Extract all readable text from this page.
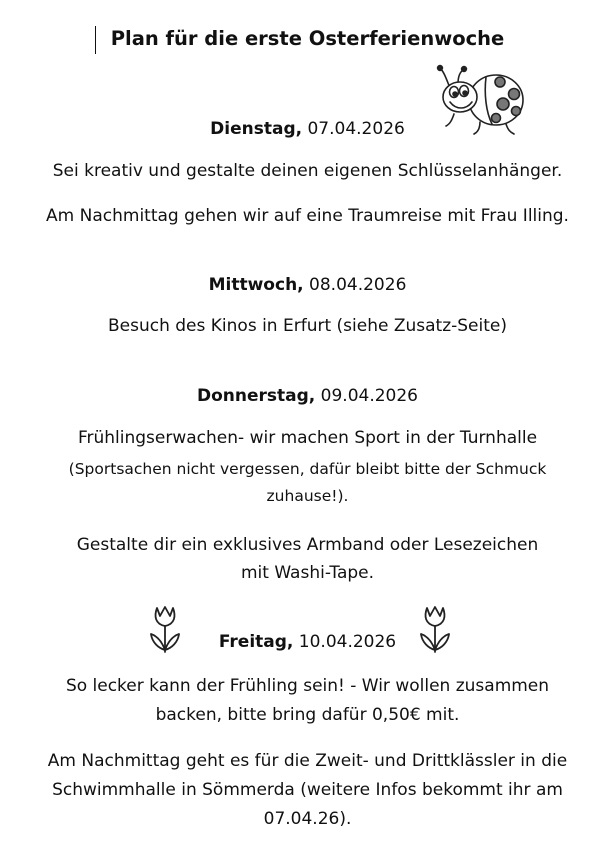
Plan für die erste Osterferienwoche
Dienstag, 07.04.2026
Sei kreativ und gestalte deinen eigenen Schlüsselanhänger.
Am Nachmittag gehen wir auf eine Traumreise mit Frau Illing.
Mittwoch, 08.04.2026
Besuch des Kinos in Erfurt (siehe Zusatz-Seite)
Donnerstag, 09.04.2026
Frühlingserwachen- wir machen Sport in der Turnhalle
(Sportsachen nicht vergessen, dafür bleibt bitte der Schmuck
zuhause!).
Gestalte dir ein exklusives Armband oder Lesezeichen
mit Washi-Tape.
Freitag, 10.04.2026
So lecker kann der Frühling sein! - Wir wollen zusammen
backen, bitte bring dafür 0,50€ mit.
Am Nachmittag geht es für die Zweit- und Drittklässler in die
Schwimmhalle in Sömmerda (weitere Infos bekommt ihr am
07.04.26).
